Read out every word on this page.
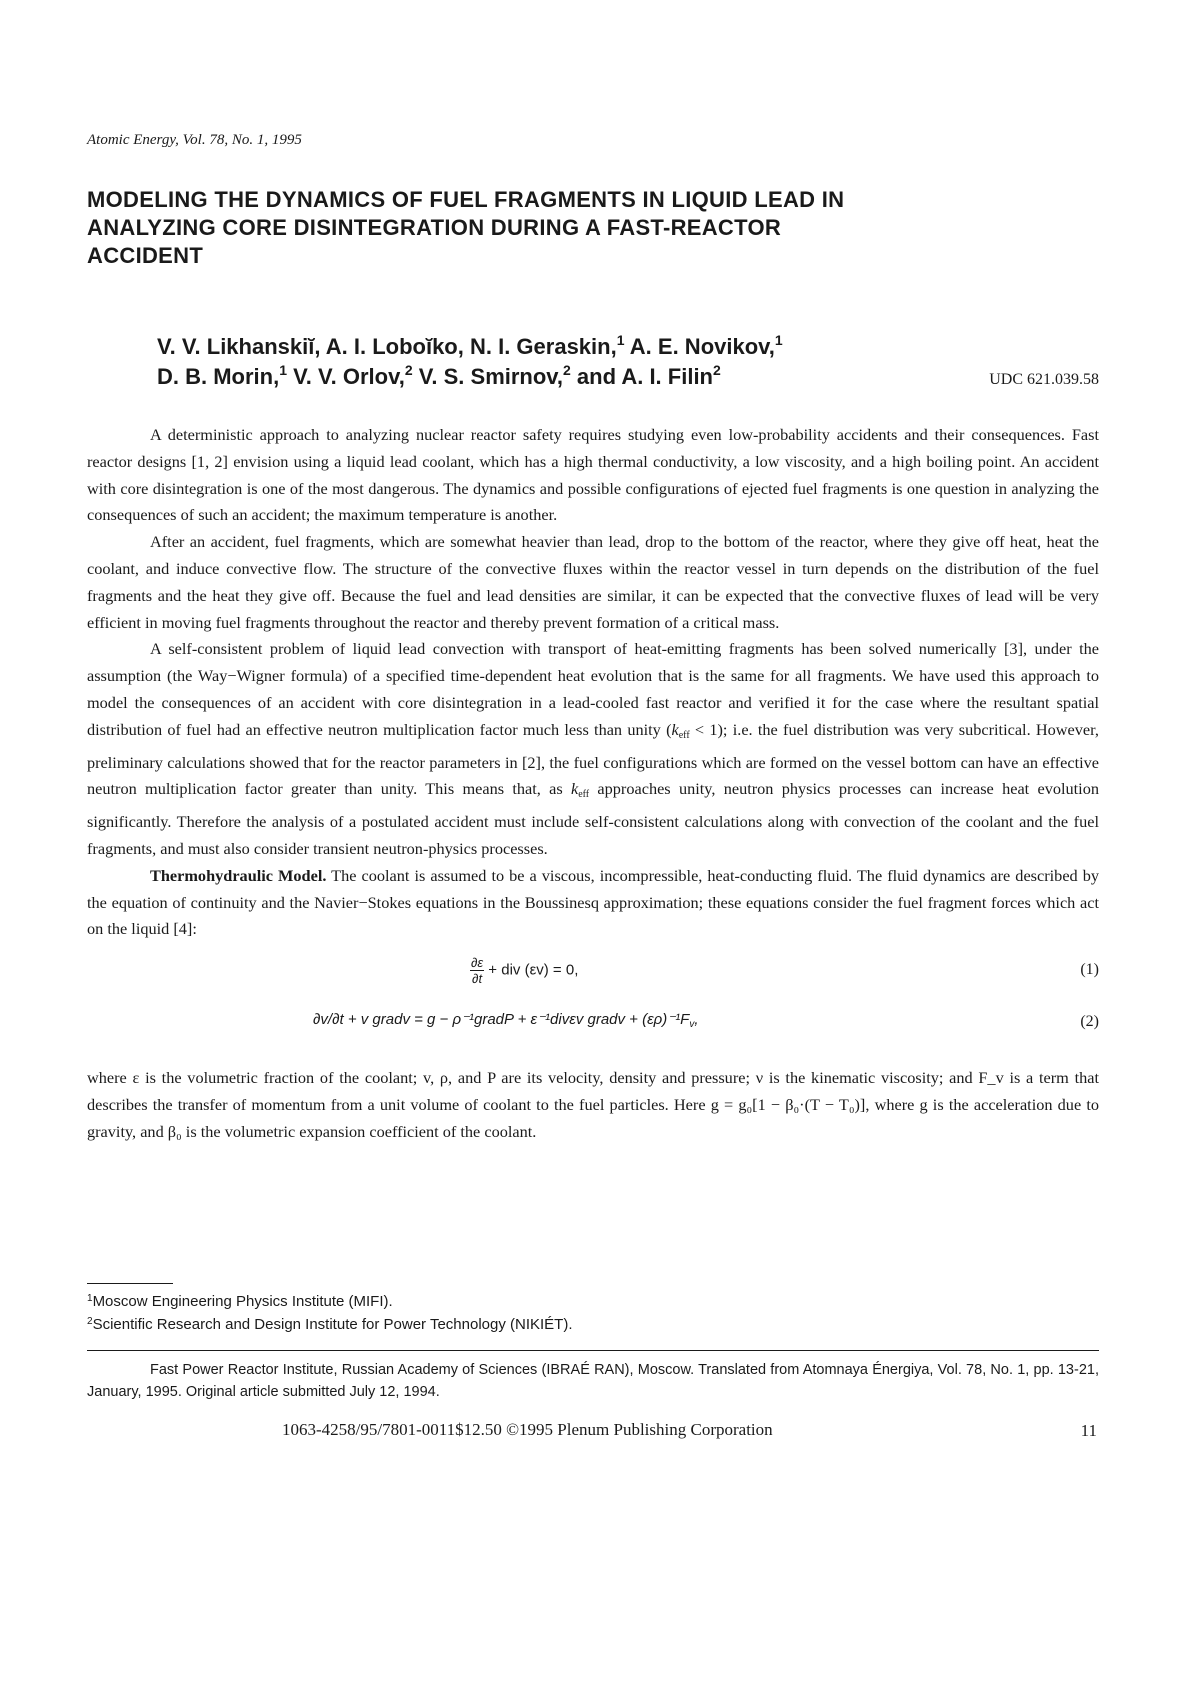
Atomic Energy, Vol. 78, No. 1, 1995
MODELING THE DYNAMICS OF FUEL FRAGMENTS IN LIQUID LEAD IN ANALYZING CORE DISINTEGRATION DURING A FAST-REACTOR ACCIDENT
V. V. Likhanskiĭ, A. I. Loboĭko, N. I. Geraskin,$^1$ A. E. Novikov,$^1$
D. B. Morin,$^1$ V. V. Orlov,$^2$ V. S. Smirnov,$^2$ and A. I. Filin$^2$
UDC 621.039.58

A deterministic approach to analyzing nuclear reactor safety requires studying even low-probability accidents and their consequences. Fast reactor designs [1, 2] envision using a liquid lead coolant, which has a high thermal conductivity, a low viscosity, and a high boiling point. An accident with core disintegration is one of the most dangerous. The dynamics and possible configurations of ejected fuel fragments is one question in analyzing the consequences of such an accident; the maximum temperature is another.

After an accident, fuel fragments, which are somewhat heavier than lead, drop to the bottom of the reactor, where they give off heat, heat the coolant, and induce convective flow. The structure of the convective fluxes within the reactor vessel in turn depends on the distribution of the fuel fragments and the heat they give off. Because the fuel and lead densities are similar, it can be expected that the convective fluxes of lead will be very efficient in moving fuel fragments throughout the reactor and thereby prevent formation of a critical mass.

A self-consistent problem of liquid lead convection with transport of heat-emitting fragments has been solved numerically [3], under the assumption (the Way−Wigner formula) of a specified time-dependent heat evolution that is the same for all fragments. We have used this approach to model the consequences of an accident with core disintegration in a lead-cooled fast reactor and verified it for the case where the resultant spatial distribution of fuel had an effective neutron multiplication factor much less than unity $(k_{eff} < 1)$; i.e. the fuel distribution was very subcritical. However, preliminary calculations showed that for the reactor parameters in [2], the fuel configurations which are formed on the vessel bottom can have an effective neutron multiplication factor greater than unity. This means that, as $k_{eff}$ approaches unity, neutron physics processes can increase heat evolution significantly. Therefore the analysis of a postulated accident must include self-consistent calculations along with convection of the coolant and the fuel fragments, and must also consider transient neutron-physics processes.

Thermohydraulic Model. The coolant is assumed to be a viscous, incompressible, heat-conducting fluid. The fluid dynamics are described by the equation of continuity and the Navier−Stokes equations in the Boussinesq approximation; these equations consider the fuel fragment forces which act on the liquid [4]:

$\frac{\partial\varepsilon}{\partial t}$ + div (εv) = 0,	(1)
∂v/∂t + v gradv = g − ρ⁻¹gradP + ε⁻¹divεv gradv + $(\varepsilon\rho)^{-1}F_v$,	(2)

where ε is the volumetric fraction of the coolant; v, ρ, and P are its velocity, density and pressure; ν is the kinematic viscosity; and F_v is a term that describes the transfer of momentum from a unit volume of coolant to the fuel particles. Here g = g₀[1 − β₀·(T − T₀)], where g is the acceleration due to gravity, and β₀ is the volumetric expansion coefficient of the coolant.

$^1$Moscow Engineering Physics Institute (MIFI).
$^2$Scientific Research and Design Institute for Power Technology (NIKIÉT).
Fast Power Reactor Institute, Russian Academy of Sciences (IBRAÉ RAN), Moscow. Translated from Atomnaya Énergiya, Vol. 78, No. 1, pp. 13-21, January, 1995. Original article submitted July 12, 1994.
1063-4258/95/7801-0011$12.50 ©1995 Plenum Publishing Corporation	11
